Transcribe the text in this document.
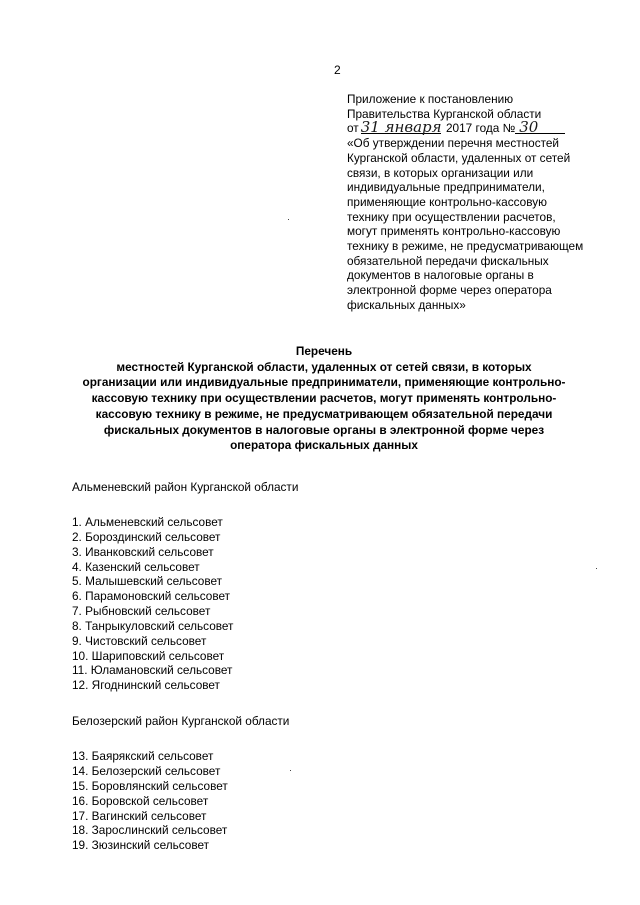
2
Приложение к постановлению
Правительства Курганской области
от 31 января 2017 года № 30
«Об утверждении перечня местностей
Курганской области, удаленных от сетей
связи, в которых организации или
индивидуальные предприниматели,
применяющие контрольно-кассовую
технику при осуществлении расчетов,
могут применять контрольно-кассовую
технику в режиме, не предусматривающем
обязательной передачи фискальных
документов в налоговые органы в
электронной форме через оператора
фискальных данных»
Перечень
местностей Курганской области, удаленных от сетей связи, в которых
организации или индивидуальные предприниматели, применяющие контрольно-
кассовую технику при осуществлении расчетов, могут применять контрольно-
кассовую технику в режиме, не предусматривающем обязательной передачи
фискальных документов в налоговые органы в электронной форме через
оператора фискальных данных

Альменевский район Курганской области

1. Альменевский сельсовет
2. Бороздинский сельсовет
3. Иванковский сельсовет
4. Казенский сельсовет
5. Малышевский сельсовет
6. Парамоновский сельсовет
7. Рыбновский сельсовет
8. Танрыкуловский сельсовет
9. Чистовский сельсовет
10. Шариповский сельсовет
11. Юламановский сельсовет
12. Ягоднинский сельсовет

Белозерский район Курганской области

13. Баярякский сельсовет
14. Белозерский сельсовет
15. Боровлянский сельсовет
16. Боровской сельсовет
17. Вагинский сельсовет
18. Зарослинский сельсовет
19. Зюзинский сельсовет
